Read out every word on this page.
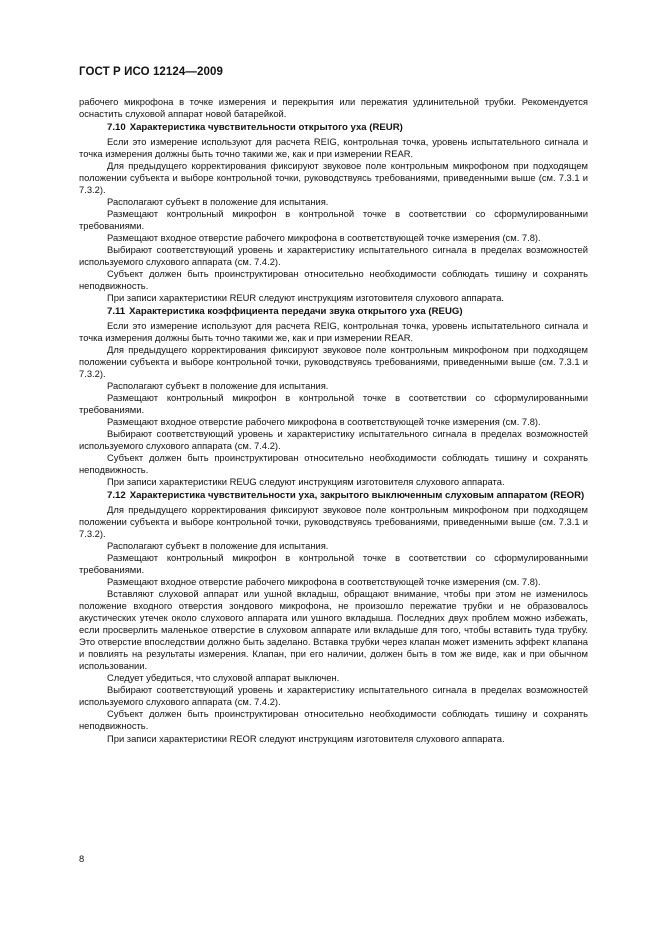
ГОСТ Р ИСО 12124—2009

рабочего микрофона в точке измерения и перекрытия или пережатия удлинительной трубки. Рекомендуется оснастить слуховой аппарат новой батарейкой.

7.10 Характеристика чувствительности открытого уха (REUR)

Если это измерение используют для расчета REIG, контрольная точка, уровень испытательного сигнала и точка измерения должны быть точно такими же, как и при измерении REAR.

Для предыдущего корректирования фиксируют звуковое поле контрольным микрофоном при подходящем положении субъекта и выборе контрольной точки, руководствуясь требованиями, приведенными выше (см. 7.3.1 и 7.3.2).

Располагают субъект в положение для испытания.

Размещают контрольный микрофон в контрольной точке в соответствии со сформулированными требованиями.

Размещают входное отверстие рабочего микрофона в соответствующей точке измерения (см. 7.8).

Выбирают соответствующий уровень и характеристику испытательного сигнала в пределах возможностей используемого слухового аппарата (см. 7.4.2).

Субъект должен быть проинструктирован относительно необходимости соблюдать тишину и сохранять неподвижность.

При записи характеристики REUR следуют инструкциям изготовителя слухового аппарата.

7.11 Характеристика коэффициента передачи звука открытого уха (REUG)

Если это измерение используют для расчета REIG, контрольная точка, уровень испытательного сигнала и точка измерения должны быть точно такими же, как и при измерении REAR.

Для предыдущего корректирования фиксируют звуковое поле контрольным микрофоном при подходящем положении субъекта и выборе контрольной точки, руководствуясь требованиями, приведенными выше (см. 7.3.1 и 7.3.2).

Располагают субъект в положение для испытания.

Размещают контрольный микрофон в контрольной точке в соответствии со сформулированными требованиями.

Размещают входное отверстие рабочего микрофона в соответствующей точке измерения (см. 7.8).

Выбирают соответствующий уровень и характеристику испытательного сигнала в пределах возможностей используемого слухового аппарата (см. 7.4.2).

Субъект должен быть проинструктирован относительно необходимости соблюдать тишину и сохранять неподвижность.

При записи характеристики REUG следуют инструкциям изготовителя слухового аппарата.

7.12 Характеристика чувствительности уха, закрытого выключенным слуховым аппаратом (REOR)

Для предыдущего корректирования фиксируют звуковое поле контрольным микрофоном при подходящем положении субъекта и выборе контрольной точки, руководствуясь требованиями, приведенными выше (см. 7.3.1 и 7.3.2).

Располагают субъект в положение для испытания.

Размещают контрольный микрофон в контрольной точке в соответствии со сформулированными требованиями.

Размещают входное отверстие рабочего микрофона в соответствующей точке измерения (см. 7.8).

Вставляют слуховой аппарат или ушной вкладыш, обращают внимание, чтобы при этом не изменилось положение входного отверстия зондового микрофона, не произошло пережатие трубки и не образовалось акустических утечек около слухового аппарата или ушного вкладыша. Последних двух проблем можно избежать, если просверлить маленькое отверстие в слуховом аппарате или вкладыше для того, чтобы вставить туда трубку. Это отверстие впоследствии должно быть заделано. Вставка трубки через клапан может изменить эффект клапана и повлиять на результаты измерения. Клапан, при его наличии, должен быть в том же виде, как и при обычном использовании.

Следует убедиться, что слуховой аппарат выключен.

Выбирают соответствующий уровень и характеристику испытательного сигнала в пределах возможностей используемого слухового аппарата (см. 7.4.2).

Субъект должен быть проинструктирован относительно необходимости соблюдать тишину и сохранять неподвижность.

При записи характеристики REOR следуют инструкциям изготовителя слухового аппарата.

8
